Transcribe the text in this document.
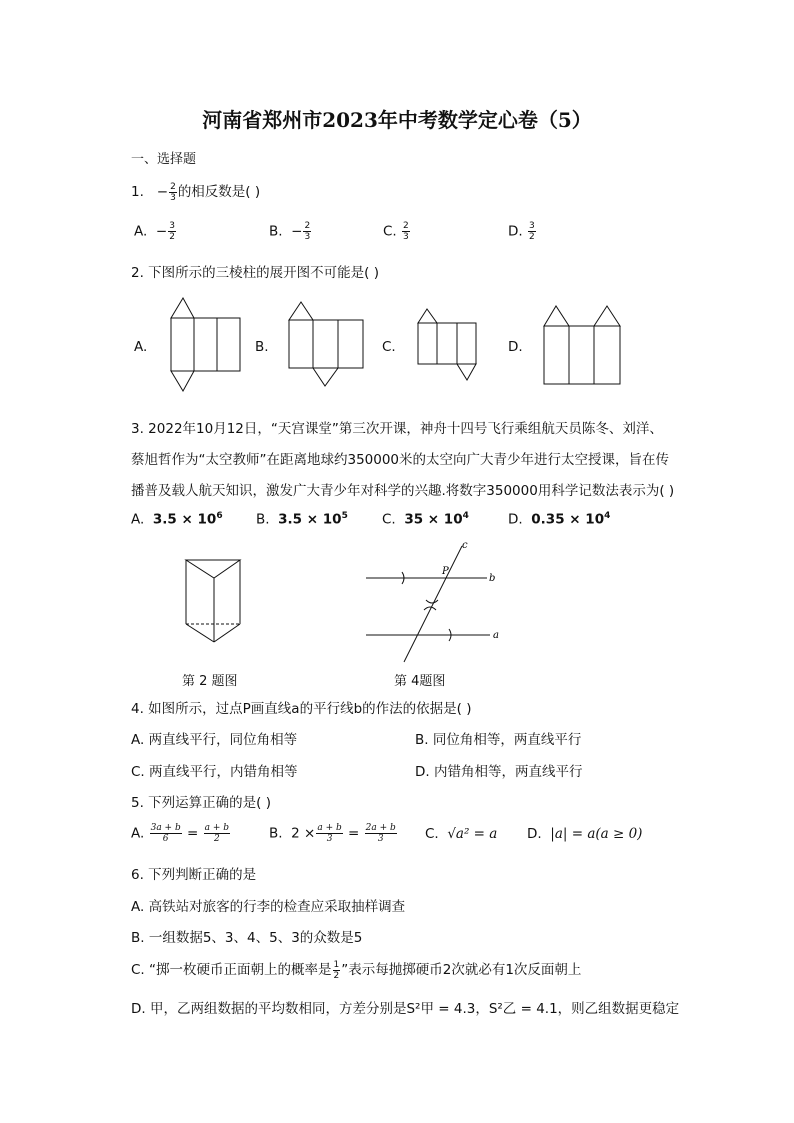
河南省郑州市2023年中考数学定心卷（5）
一、选择题
1. − $\frac{2}{3}$ 的相反数是( )
A. − $\frac{3}{2}$	B. − $\frac{2}{3}$	C. $\frac{2}{3}$	D. $\frac{3}{2}$
2. 下图所示的三棱柱的展开图不可能是( )
A.	B.	C.	D.
3. 2022年10月12日，“天宫课堂”第三次开课，神舟十四号飞行乘组航天员陈冬、刘洋、
蔡旭哲作为“太空教师”在距离地球约350000米的太空向广大青少年进行太空授课，旨在传
播普及载人航天知识，激发广大青少年对科学的兴趣.将数字350000用科学记数法表示为( )
A. $3.5 \times 10^6$ B. $3.5 \times 10^5$	C. $35 \times 10^4$	D. $0.35 \times 10^4$
第 2 题图
c
P
b
a
第 4题图
4. 如图所示，过点P画直线a的平行线b的作法的依据是( )
A. 两直线平行，同位角相等	B. 同位角相等，两直线平行
C. 两直线平行，内错角相等	D. 内错角相等，两直线平行
5. 下列运算正确的是( )
A. $\frac{3a + b}{6} = \frac{a + b}{2}$	B. $2 \times \frac{a + b}{3} = \frac{2a + b}{3} C$. √a² = a D. |a| = a(a ≥ 0)
6. 下列判断正确的是
A. 高铁站对旅客的行李的检查应采取抽样调查
B. 一组数据5、3、4、5、3的众数是5
C. “掷一枚硬币正面朝上的概率是 $\frac{1}{2}$ ”表示每抛掷硬币2次就必有1次反面朝上
D. 甲，乙两组数据的平均数相同，方差分别是S²甲 = 4.3，S²乙 = 4.1，则乙组数据更稳定
